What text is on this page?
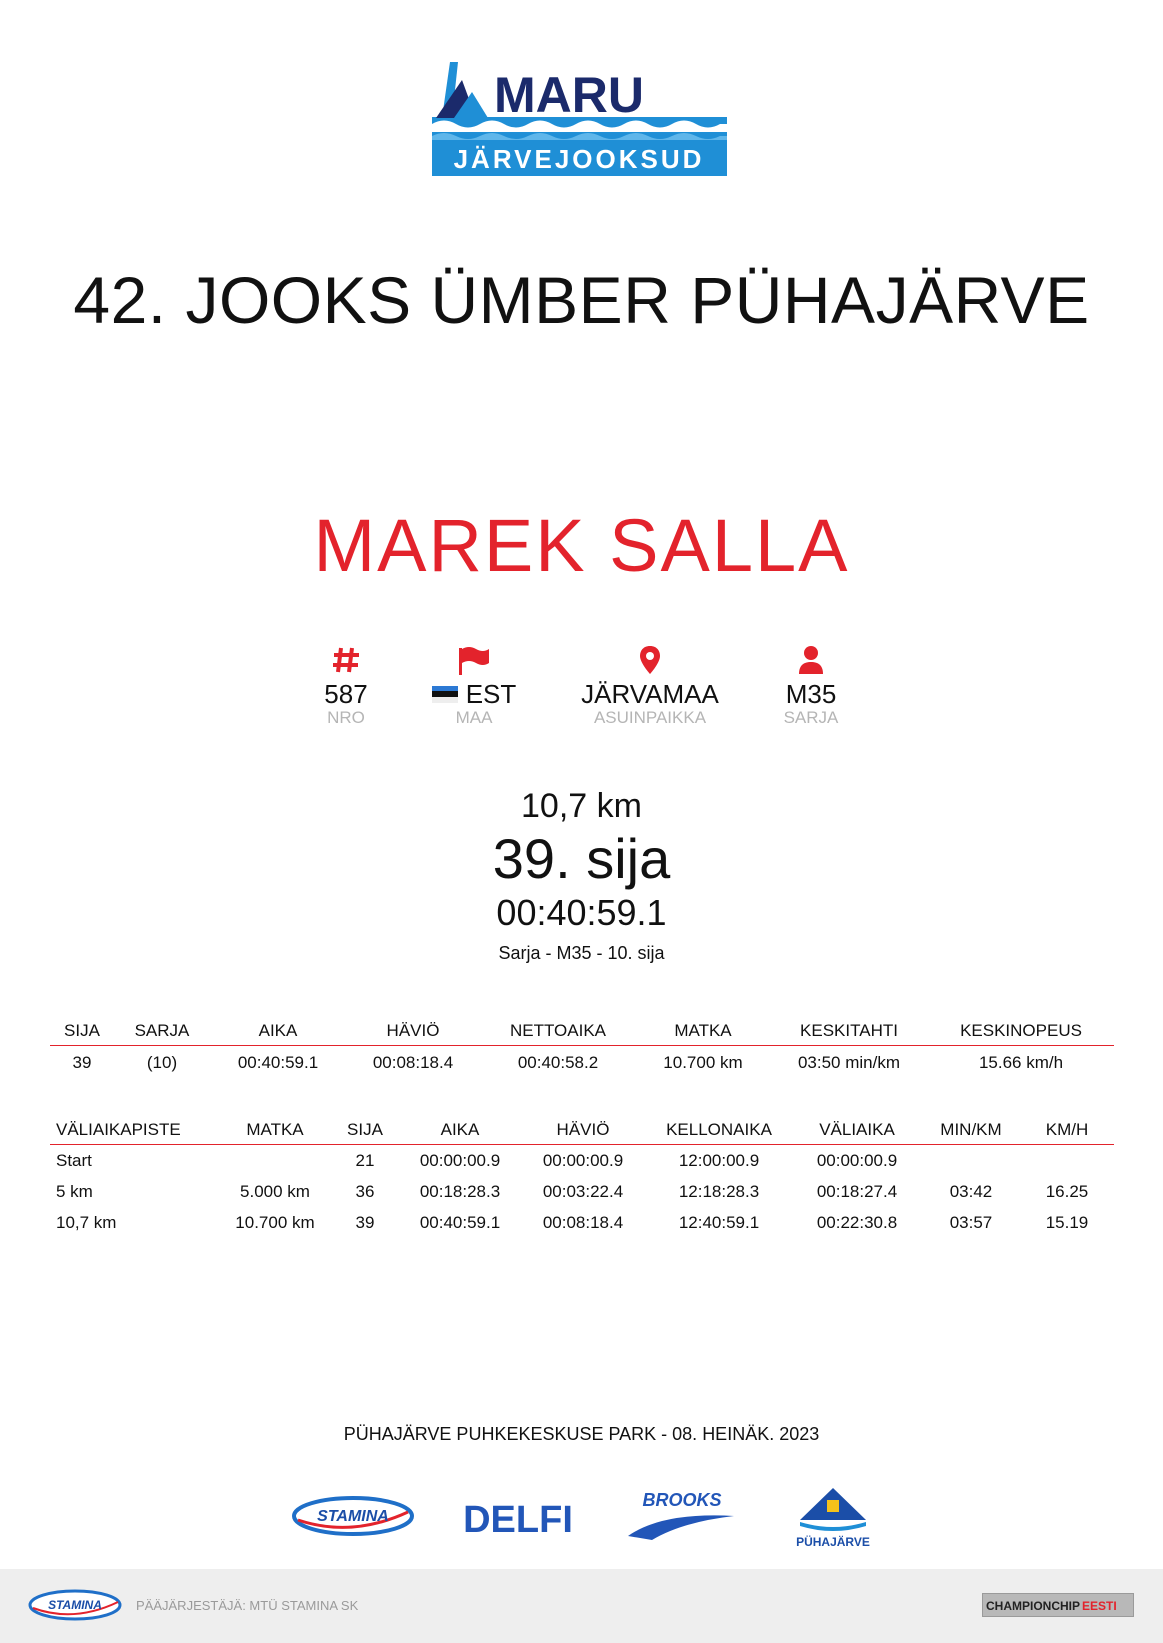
MARU
JÄRVEJOOKSUD
42. JOOKS ÜMBER PÜHAJÄRVE
MAREK SALLA
587
NRO
EST
MAA
JÄRVAMAA
ASUINPAIKKA
M35
SARJA
10,7 km
39. sija
00:40:59.1
Sarja - M35 - 10. sija
SIJA	SARJA	AIKA	HÄVIÖ	NETTOAIKA	MATKA	KESKITAHTI	KESKINOPEUS
39	(10)	00:40:59.1	00:08:18.4	00:40:58.2	10.700 km	03:50 min/km	15.66 km/h
VÄLIAIKAPISTE	MATKA	SIJA	AIKA	HÄVIÖ	KELLONAIKA	VÄLIAIKA	MIN/KM	KM/H
Start		21	00:00:00.9	00:00:00.9	12:00:00.9	00:00:00.9		
5 km	5.000 km	36	00:18:28.3	00:03:22.4	12:18:28.3	00:18:27.4	03:42	16.25
10,7 km	10.700 km	39	00:40:59.1	00:08:18.4	12:40:59.1	00:22:30.8	03:57	15.19
PÜHAJÄRVE PUHKEKESKUSE PARK - 08. HEINÄK. 2023
STAMINA DELFI	BROOKS
PÜHAJÄRVE
STAMINA	PÄÄJÄRJESTÄJÄ: MTÜ STAMINA SK	CHAMPIONCHIP EESTI
